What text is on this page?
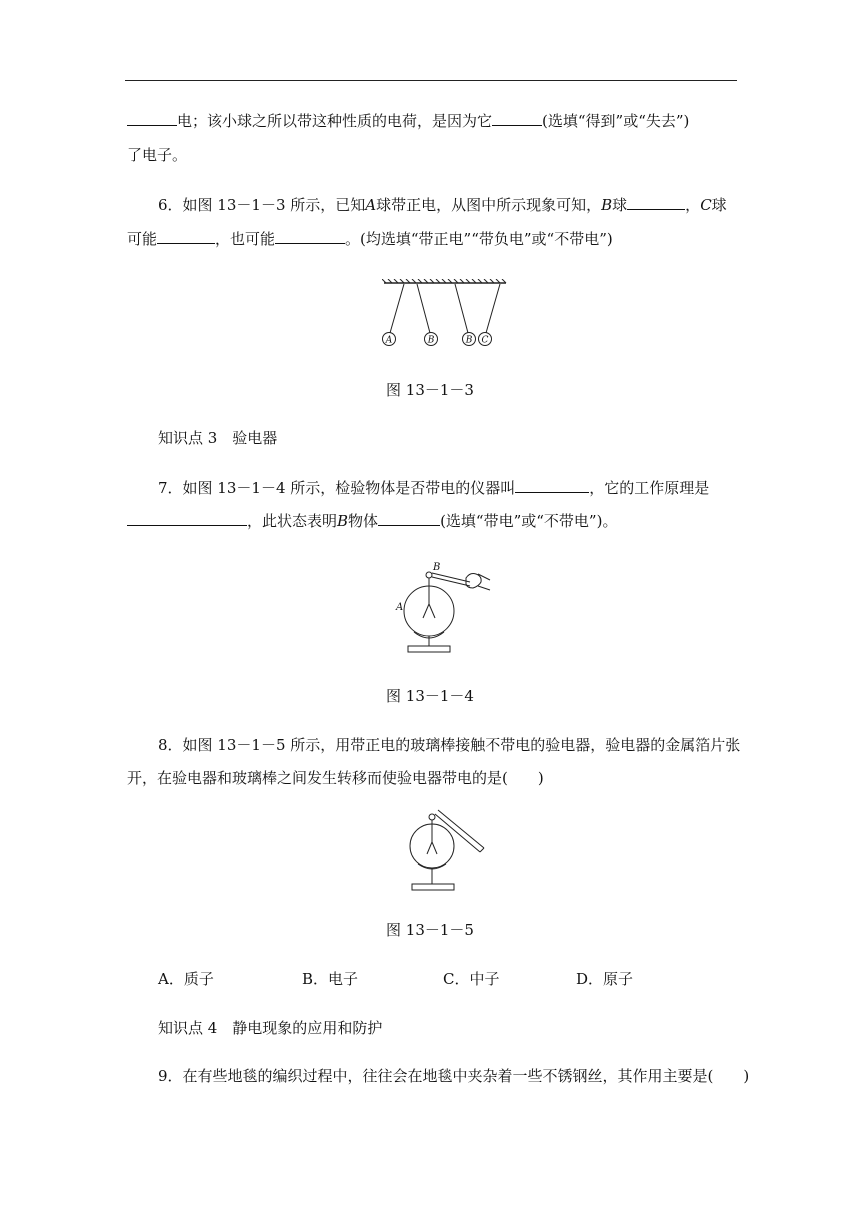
电；该小球之所以带这种性质的电荷，是因为它	(选填“得到”或“失去”)
了电子。
6．如图 13－1－3 所示，已知A球带正电，从图中所示现象可知，B球	，C球
可能	，也可能	。(均选填“带正电”“带负电”或“不带电”)
A	B	B C
图 13－1－3
知识点 3　验电器
7．如图 13－1－4 所示，检验物体是否带电的仪器叫	，它的工作原理是
，此状态表明B物体	(选填“带电”或“不带电”)。
B
A
图 13－1－4
8．如图 13－1－5 所示，用带正电的玻璃棒接触不带电的验电器，验电器的金属箔片张
开，在验电器和玻璃棒之间发生转移而使验电器带电的是(　　)
图 13－1－5
A．质子	B．电子	C．中子	D．原子
知识点 4　静电现象的应用和防护
9．在有些地毯的编织过程中，往往会在地毯中夹杂着一些不锈钢丝，其作用主要是(　　)
